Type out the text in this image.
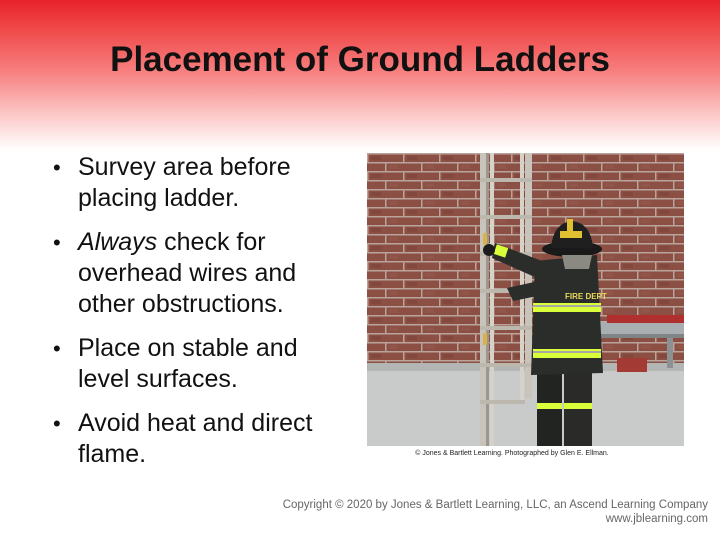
Placement of Ground Ladders
• Survey area before placing ladder.
• Always check for overhead wires and other obstructions.
• Place on stable and level surfaces.
• Avoid heat and direct flame.
FIRE DEPT
© Jones & Bartlett Learning. Photographed by Glen E. Ellman.
Copyright © 2020 by Jones & Bartlett Learning, LLC, an Ascend Learning Company
www.jblearning.com
